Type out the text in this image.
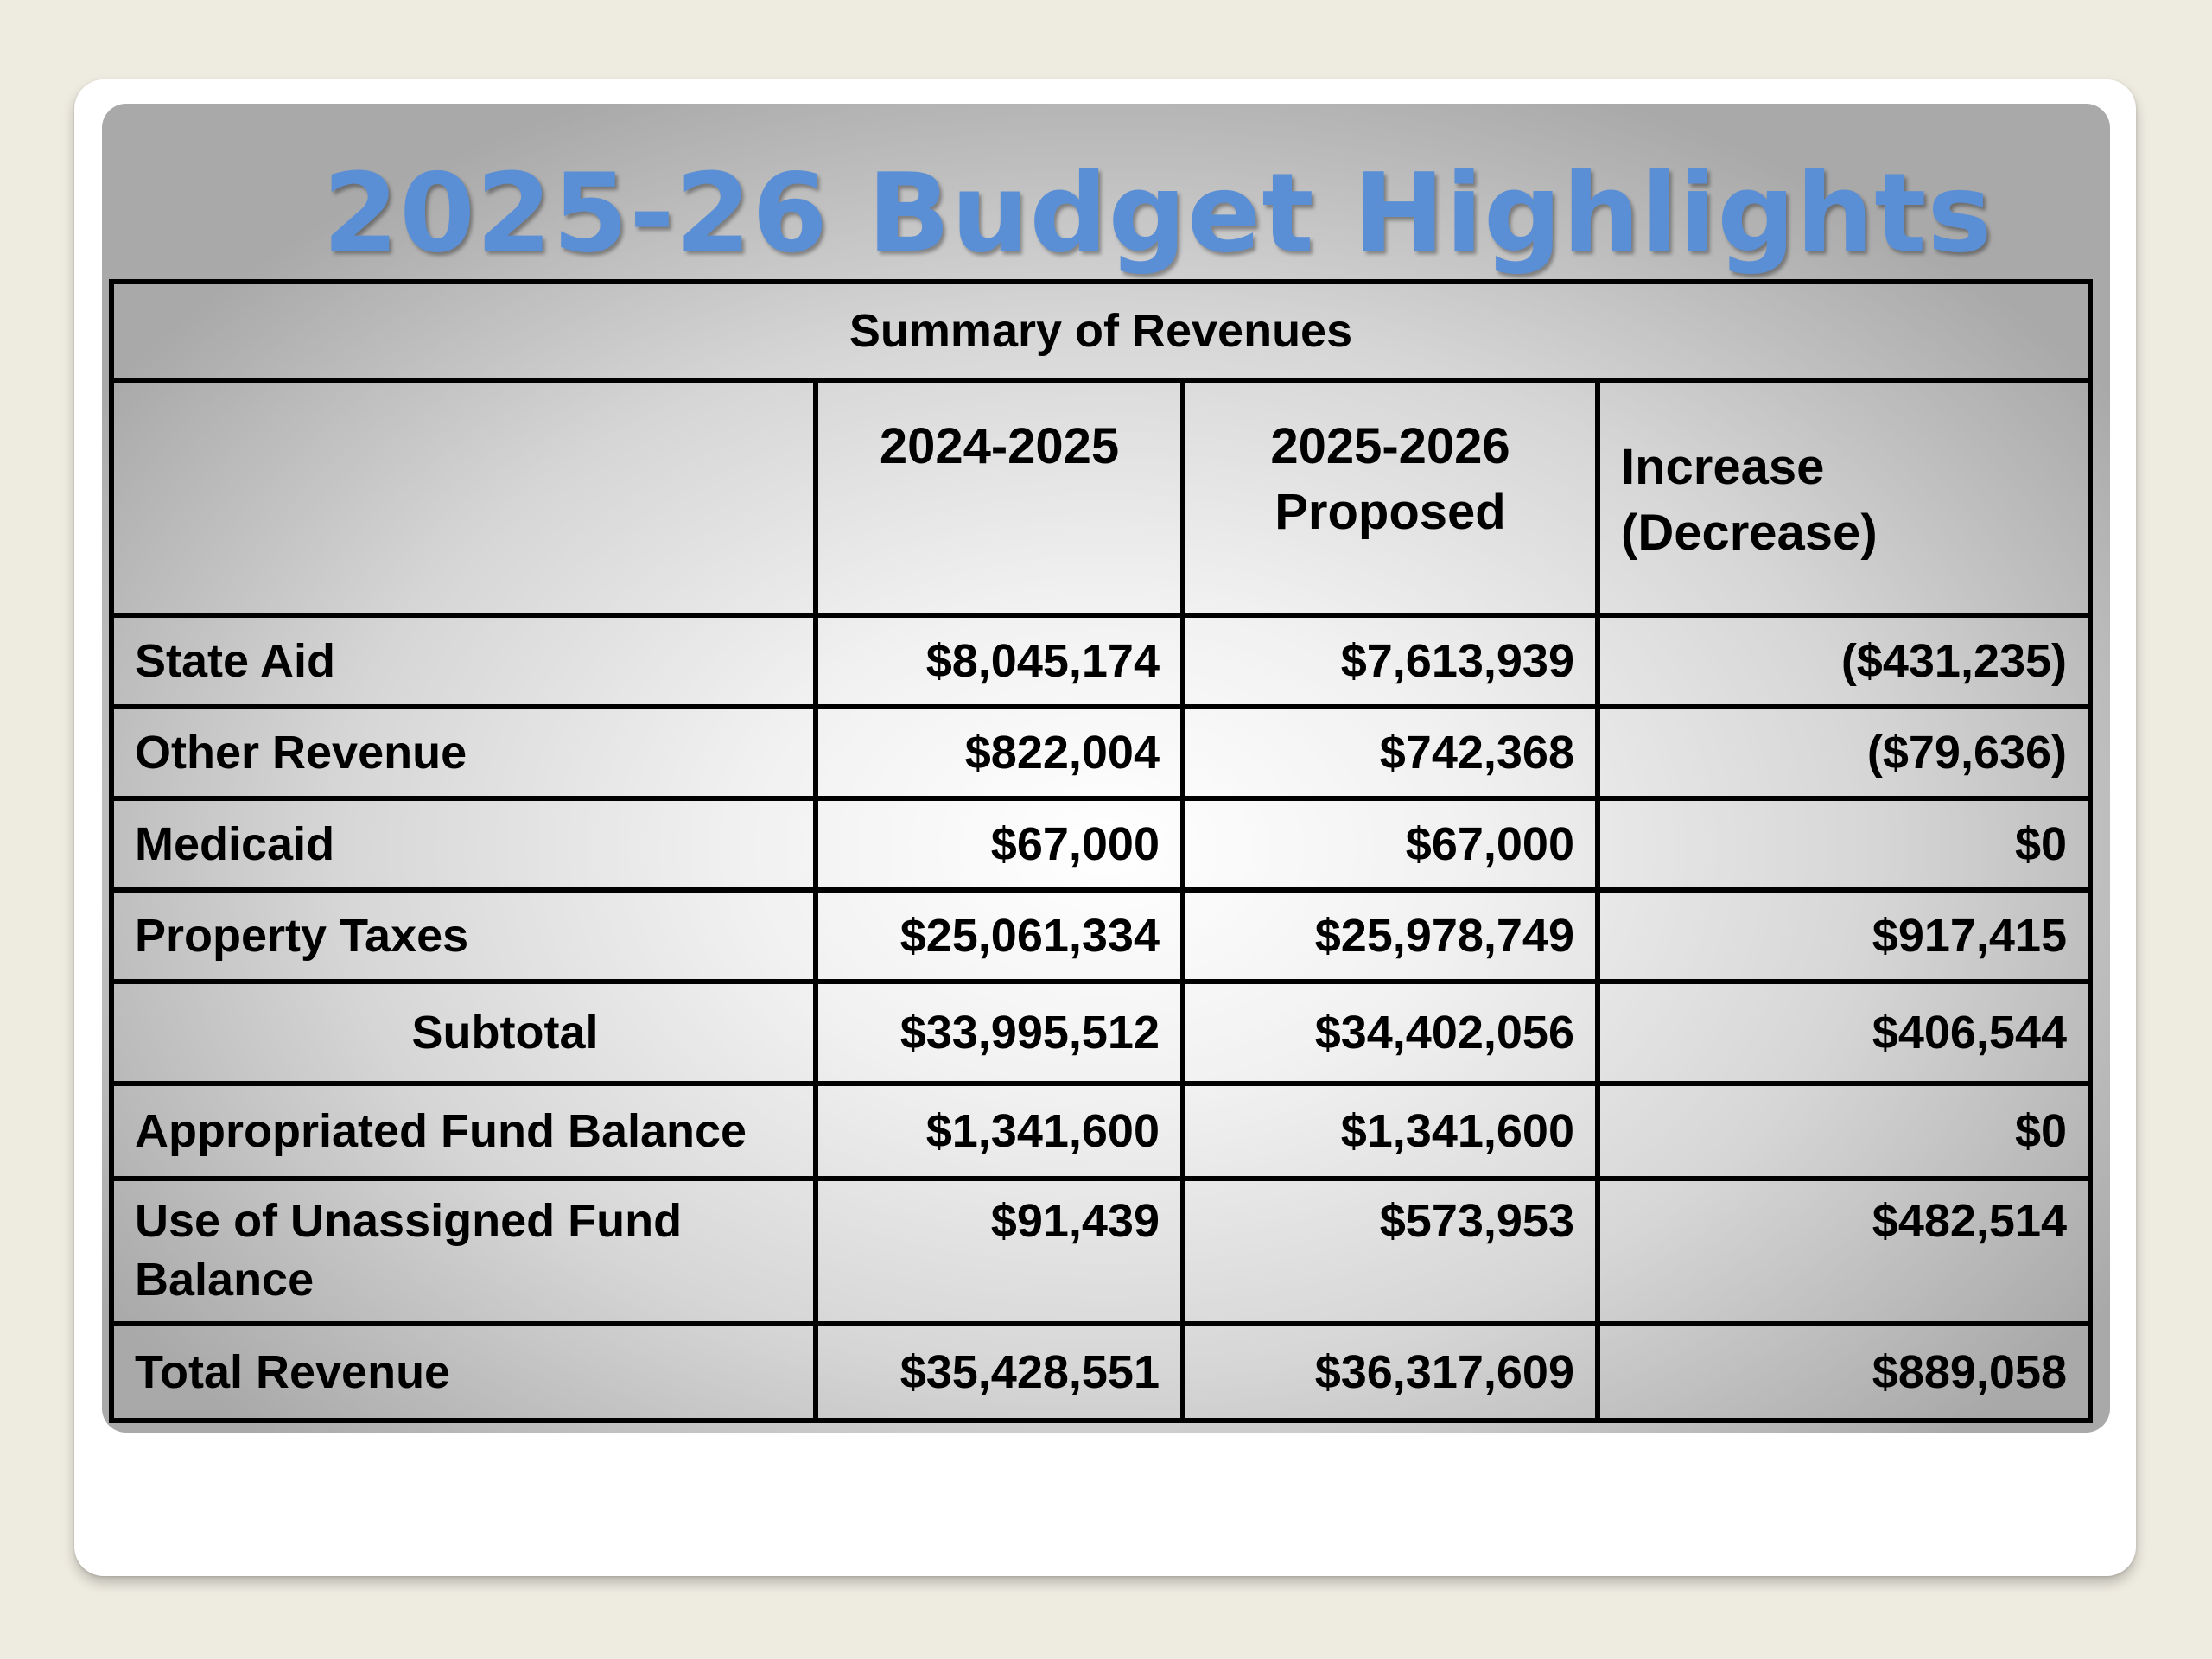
2025-26 Budget Highlights
Summary of Revenues			
	2024-2025	2025-2026 Proposed	Increase (Decrease)

State Aid	$8,045,174	$7,613,939	($431,235)
Other Revenue	$822,004	$742,368	($79,636)
Medicaid	$67,000	$67,000	$0
Property Taxes	$25,061,334	$25,978,749	$917,415
Subtotal	$33,995,512	$34,402,056	$406,544
Appropriated Fund Balance	$1,341,600	$1,341,600	$0

Use of Unassigned Fund Balance	$91,439	$573,953	$482,514
Total Revenue	$35,428,551	$36,317,609	$889,058
